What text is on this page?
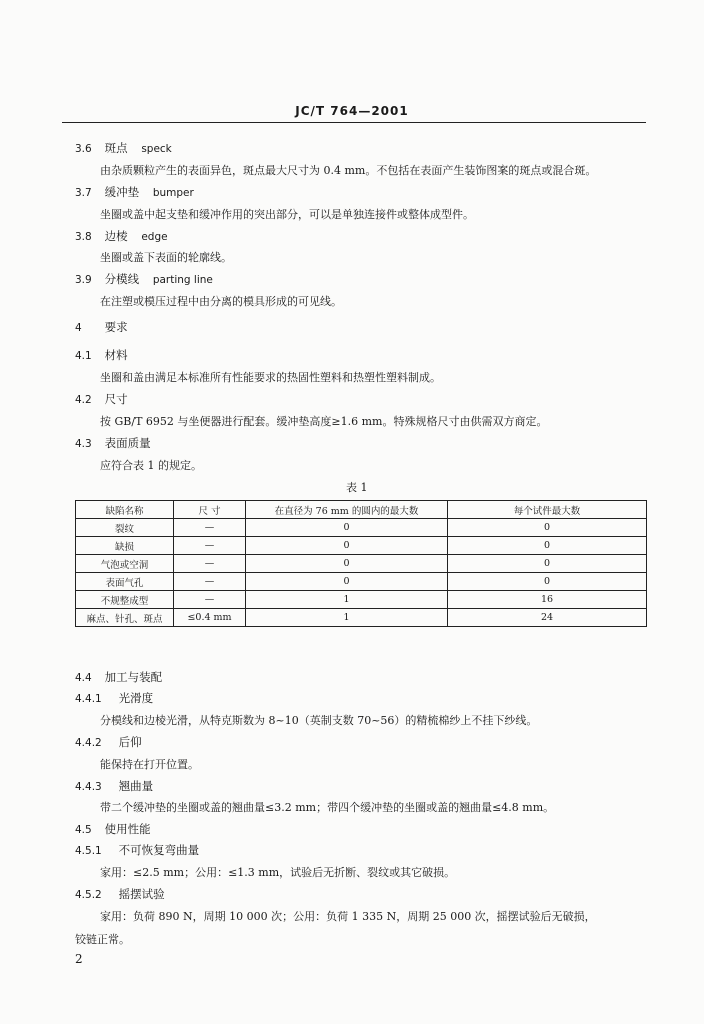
JC/T 764—2001
3.6 斑点 speck
由杂质颗粒产生的表面异色，斑点最大尺寸为 0.4 mm。不包括在表面产生装饰图案的斑点或混合斑。
3.7 缓冲垫 bumper
坐圈或盖中起支垫和缓冲作用的突出部分，可以是单独连接件或整体成型件。
3.8 边棱 edge
坐圈或盖下表面的轮廓线。
3.9 分模线 parting line
在注塑或模压过程中由分离的模具形成的可见线。
4 要求
4.1 材料
坐圈和盖由满足本标准所有性能要求的热固性塑料和热塑性塑料制成。
4.2 尺寸
按 GB/T 6952 与坐便器进行配套。缓冲垫高度≥1.6 mm。特殊规格尺寸由供需双方商定。
4.3 表面质量
应符合表 1 的规定。
表 1
缺陷名称	尺 寸	在直径为 76 mm 的圆内的最大数	每个试件最大数
裂纹	—	0	0
缺损	—	0	0
气泡或空洞	—	0	0
表面气孔	—	0	0
不规整成型	—	1	16
麻点、针孔、斑点	≤0.4 mm	1	24
4.4 加工与装配
4.4.1 光滑度
分模线和边棱光滑，从特克斯数为 8~10（英制支数 70~56）的精梳棉纱上不挂下纱线。
4.4.2 后仰
能保持在打开位置。
4.4.3 翘曲量
带二个缓冲垫的坐圈或盖的翘曲量≤3.2 mm；带四个缓冲垫的坐圈或盖的翘曲量≤4.8 mm。
4.5 使用性能
4.5.1 不可恢复弯曲量
家用：≤2.5 mm；公用：≤1.3 mm，试验后无折断、裂纹或其它破损。
4.5.2 摇摆试验
家用：负荷 890 N，周期 10 000 次；公用：负荷 1 335 N，周期 25 000 次，摇摆试验后无破损，
铰链正常。
2
